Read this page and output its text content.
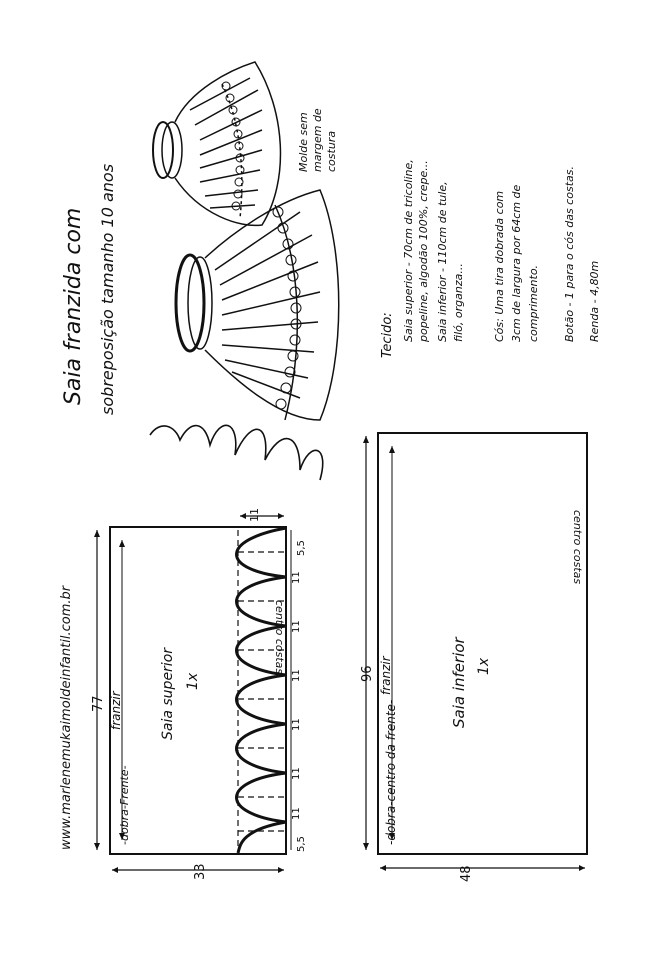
Saia franzida com sobreposição tamanho 10 anos
Molde sem margem de costura
Tecido: Saia superior - 70cm de tricoline, popeline, algodão 100%, crepe... Saia inferior - 110cm de tule, filó, organza...	Cós: Uma tira dobrada com 3cm de largura por 64cm de comprimento. Botão - 1 para o cós das costas. Renda - 4,80m
www.marlenemukaimoldeinfantil.com.br	-dobra-Frente-
centro costas
franzir	Saia superior 1x
77
33
11
5,5
5,5
11
11
11
11
11
11	-dobra-centro da frente-
centro costas
franzir	Saia inferior 1x
96
48
